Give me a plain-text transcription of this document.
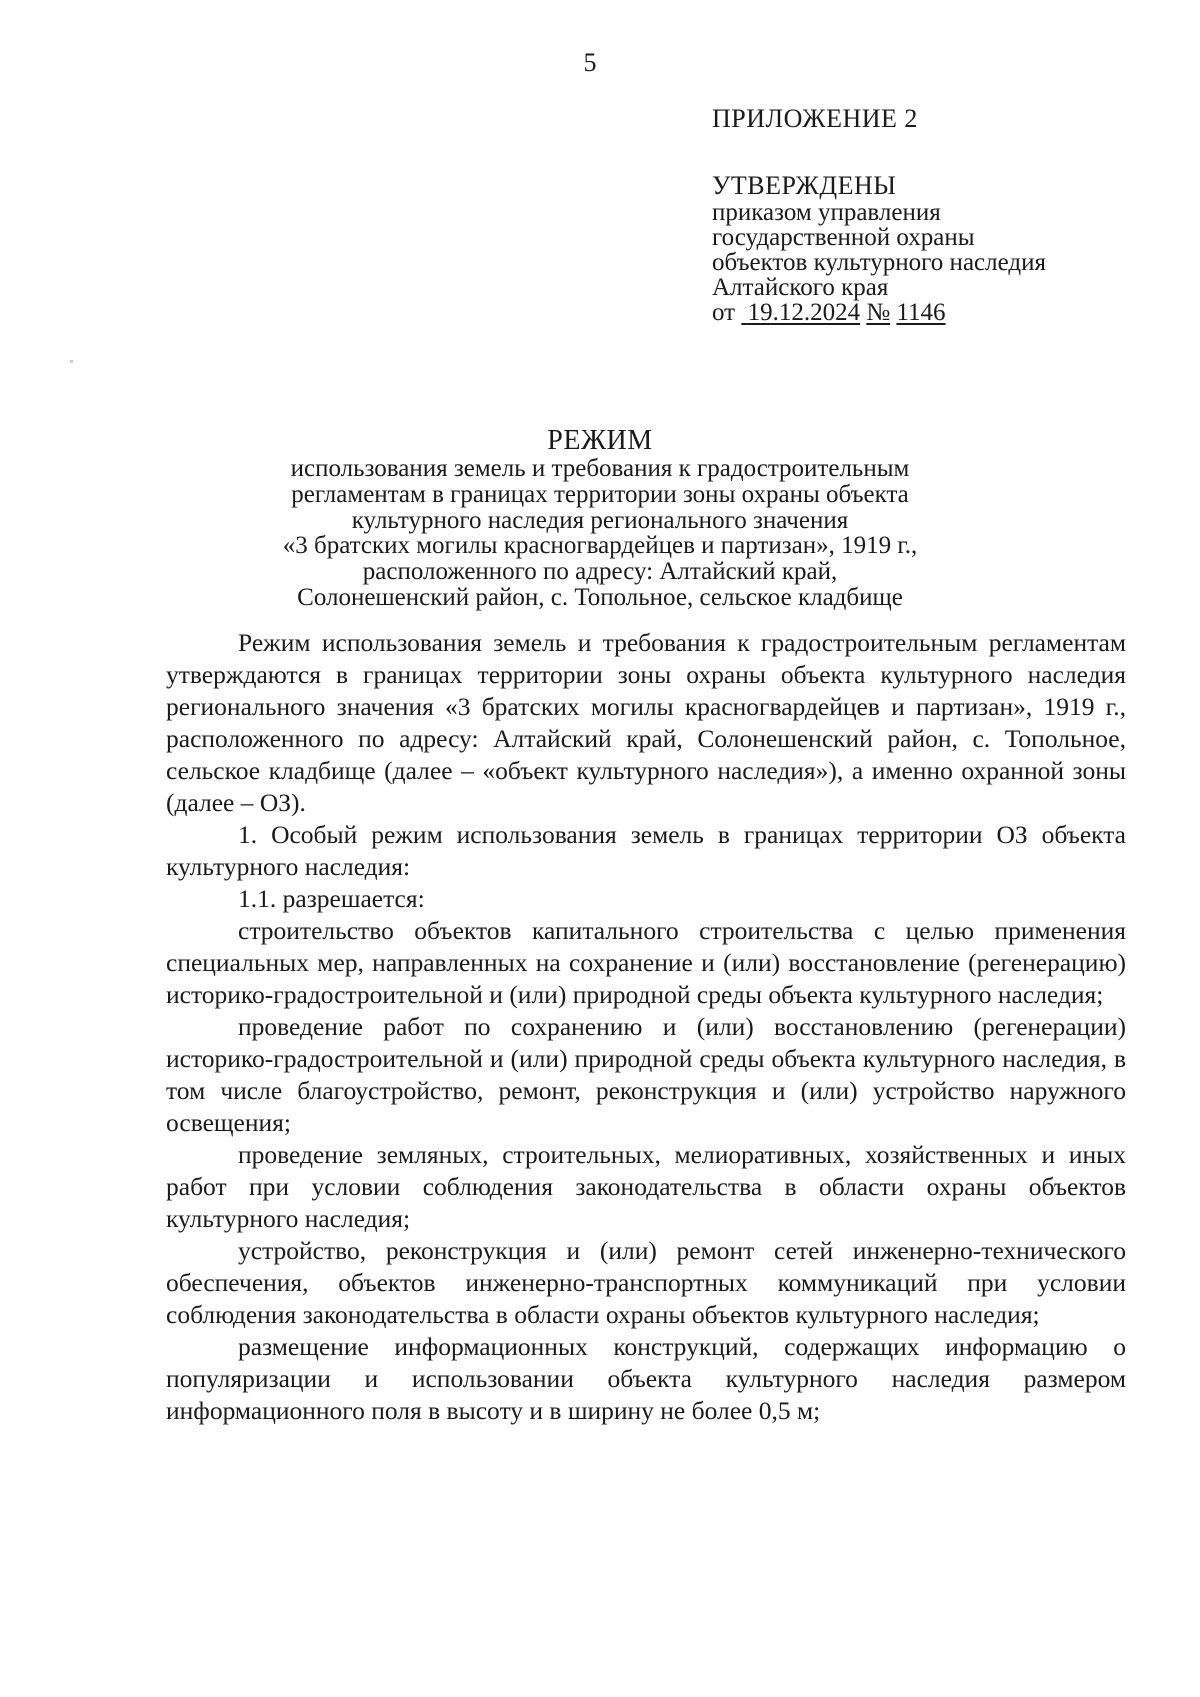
5
ПРИЛОЖЕНИЕ 2
УТВЕРЖДЕНЫ
приказом управления
государственной охраны
объектов культурного наследия
Алтайского края
от 19.12.2024 № 1146
РЕЖИМ
использования земель и требования к градостроительным
регламентам в границах территории зоны охраны объекта
культурного наследия регионального значения
«3 братских могилы красногвардейцев и партизан», 1919 г.,
расположенного по адресу: Алтайский край,
Солонешенский район, с. Топольное, сельское кладбище

Режим использования земель и требования к градостроительным регламентам утверждаются в границах территории зоны охраны объекта культурного наследия регионального значения «3 братских могилы красногвардейцев и партизан», 1919 г., расположенного по адресу: Алтайский край, Солонешенский район, с. Топольное, сельское кладбище (далее – «объект культурного наследия»), а именно охранной зоны (далее – ОЗ).

1. Особый режим использования земель в границах территории ОЗ объекта культурного наследия:

1.1. разрешается:

строительство объектов капитального строительства с целью применения специальных мер, направленных на сохранение и (или) восстановление (регенерацию) историко-градостроительной и (или) природной среды объекта культурного наследия;

проведение работ по сохранению и (или) восстановлению (регенерации) историко-градостроительной и (или) природной среды объекта культурного наследия, в том числе благоустройство, ремонт, реконструкция и (или) устройство наружного освещения;

проведение земляных, строительных, мелиоративных, хозяйственных и иных работ при условии соблюдения законодательства в области охраны объектов культурного наследия;

устройство, реконструкция и (или) ремонт сетей инженерно-технического обеспечения, объектов инженерно-транспортных коммуникаций при условии соблюдения законодательства в области охраны объектов культурного наследия;

размещение информационных конструкций, содержащих информацию о популяризации и использовании объекта культурного наследия размером информационного поля в высоту и в ширину не более 0,5 м;
